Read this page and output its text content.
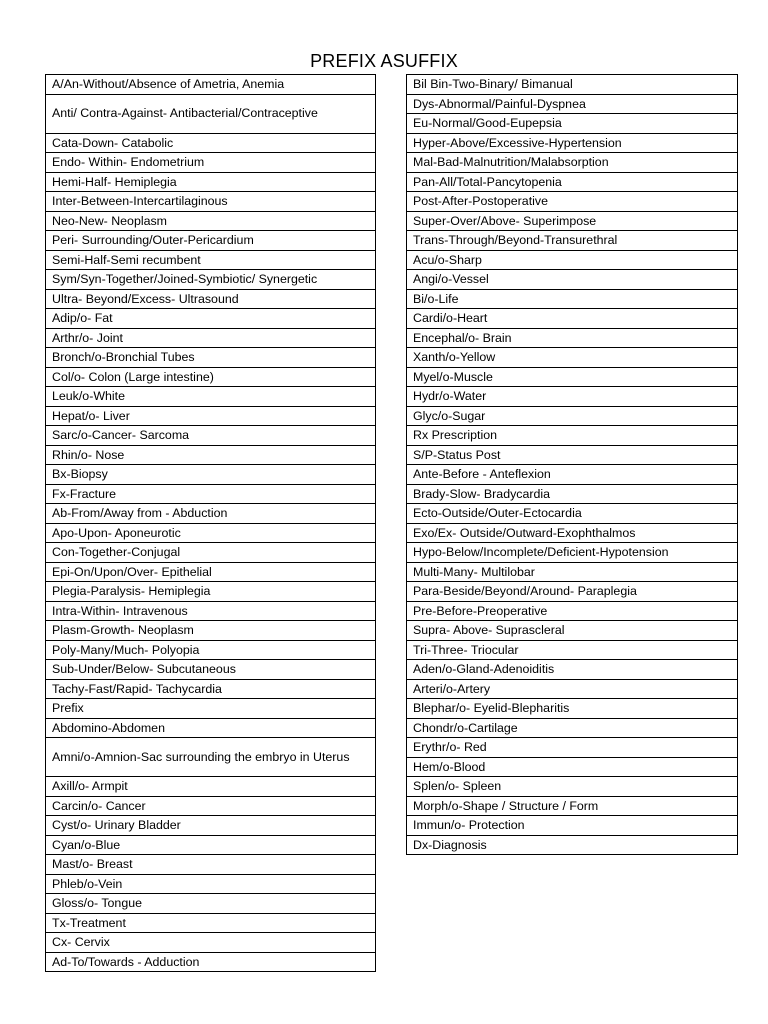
PREFIX ASUFFIX
A/An-Without/Absence of Ametria, Anemia
Anti/ Contra-Against- Antibacterial/Contraceptive
Cata-Down- Catabolic
Endo- Within- Endometrium
Hemi-Half- Hemiplegia
Inter-Between-Intercartilaginous
Neo-New- Neoplasm
Peri- Surrounding/Outer-Pericardium
Semi-Half-Semi recumbent
Sym/Syn-Together/Joined-Symbiotic/ Synergetic
Ultra- Beyond/Excess- Ultrasound
Adip/o- Fat
Arthr/o- Joint
Bronch/o-Bronchial Tubes
Col/o- Colon (Large intestine)
Leuk/o-White
Hepat/o- Liver
Sarc/o-Cancer- Sarcoma
Rhin/o- Nose
Bx-Biopsy
Fx-Fracture
Ab-From/Away from - Abduction
Apo-Upon- Aponeurotic
Con-Together-Conjugal
Epi-On/Upon/Over- Epithelial
Plegia-Paralysis- Hemiplegia
Intra-Within- Intravenous
Plasm-Growth- Neoplasm
Poly-Many/Much- Polyopia
Sub-Under/Below- Subcutaneous
Tachy-Fast/Rapid- Tachycardia
Prefix
Abdomino-Abdomen
Amni/o-Amnion-Sac surrounding the embryo in Uterus
Axill/o- Armpit
Carcin/o- Cancer
Cyst/o- Urinary Bladder
Cyan/o-Blue
Mast/o- Breast
Phleb/o-Vein
Gloss/o- Tongue
Tx-Treatment
Cx- Cervix
Ad-To/Towards - Adduction
Bil Bin-Two-Binary/ Bimanual
Dys-Abnormal/Painful-Dyspnea
Eu-Normal/Good-Eupepsia
Hyper-Above/Excessive-Hypertension
Mal-Bad-Malnutrition/Malabsorption
Pan-All/Total-Pancytopenia
Post-After-Postoperative
Super-Over/Above- Superimpose
Trans-Through/Beyond-Transurethral
Acu/o-Sharp
Angi/o-Vessel
Bi/o-Life
Cardi/o-Heart
Encephal/o- Brain
Xanth/o-Yellow
Myel/o-Muscle
Hydr/o-Water
Glyc/o-Sugar
Rx Prescription
S/P-Status Post
Ante-Before - Anteflexion
Brady-Slow- Bradycardia
Ecto-Outside/Outer-Ectocardia
Exo/Ex- Outside/Outward-Exophthalmos
Hypo-Below/Incomplete/Deficient-Hypotension
Multi-Many- Multilobar
Para-Beside/Beyond/Around- Paraplegia
Pre-Before-Preoperative
Supra- Above- Suprascleral
Tri-Three- Triocular
Aden/o-Gland-Adenoiditis
Arteri/o-Artery
Blephar/o- Eyelid-Blepharitis
Chondr/o-Cartilage
Erythr/o- Red
Hem/o-Blood
Splen/o- Spleen
Morph/o-Shape / Structure / Form
Immun/o- Protection
Dx-Diagnosis
